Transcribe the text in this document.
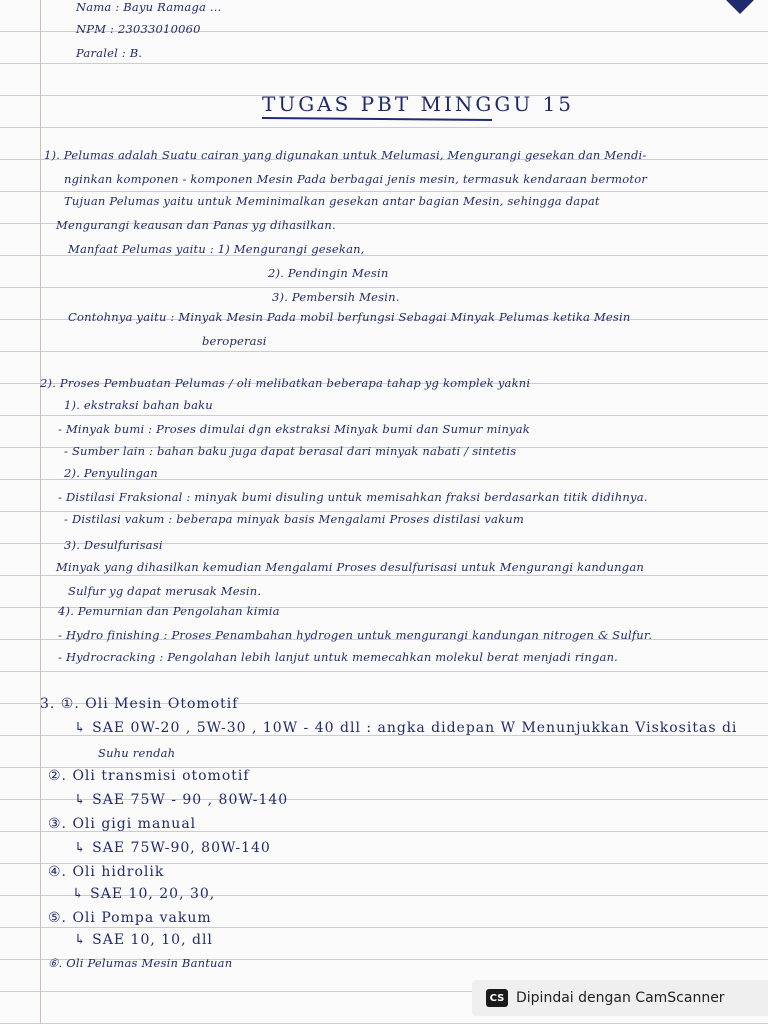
Nama : Bayu Ramaga ...
NPM : 23033010060
Paralel : B.
TUGAS PBT MINGGU 15
1). Pelumas adalah Suatu cairan yang digunakan untuk Melumasi, Mengurangi gesekan dan Mendi-
nginkan komponen - komponen Mesin Pada berbagai jenis mesin, termasuk kendaraan bermotor
Tujuan Pelumas yaitu untuk Meminimalkan gesekan antar bagian Mesin, sehingga dapat
Mengurangi keausan dan Panas yg dihasilkan.
Manfaat Pelumas yaitu : 1) Mengurangi gesekan,
2). Pendingin Mesin
3). Pembersih Mesin.
Contohnya yaitu : Minyak Mesin Pada mobil berfungsi Sebagai Minyak Pelumas ketika Mesin
beroperasi
2). Proses Pembuatan Pelumas / oli melibatkan beberapa tahap yg komplek yakni
1). ekstraksi bahan baku
- Minyak bumi : Proses dimulai dgn ekstraksi Minyak bumi dan Sumur minyak
- Sumber lain : bahan baku juga dapat berasal dari minyak nabati / sintetis
2). Penyulingan
- Distilasi Fraksional : minyak bumi disuling untuk memisahkan fraksi berdasarkan titik didihnya.
- Distilasi vakum : beberapa minyak basis Mengalami Proses distilasi vakum
3). Desulfurisasi
Minyak yang dihasilkan kemudian Mengalami Proses desulfurisasi untuk Mengurangi kandungan
Sulfur yg dapat merusak Mesin.
4). Pemurnian dan Pengolahan kimia
- Hydro finishing : Proses Penambahan hydrogen untuk mengurangi kandungan nitrogen & Sulfur.
- Hydrocracking : Pengolahan lebih lanjut untuk memecahkan molekul berat menjadi ringan.
3. ①. Oli Mesin Otomotif
↳ SAE 0W-20 , 5W-30 , 10W - 40 dll : angka didepan W Menunjukkan Viskositas di
Suhu rendah
②. Oli transmisi otomotif
↳ SAE 75W - 90 , 80W-140
③. Oli gigi manual
↳ SAE 75W-90, 80W-140
④. Oli hidrolik
↳ SAE 10, 20, 30,
⑤. Oli Pompa vakum
↳ SAE 10, 10, dll
⑥. Oli Pelumas Mesin Bantuan
CS Dipindai dengan CamScanner
